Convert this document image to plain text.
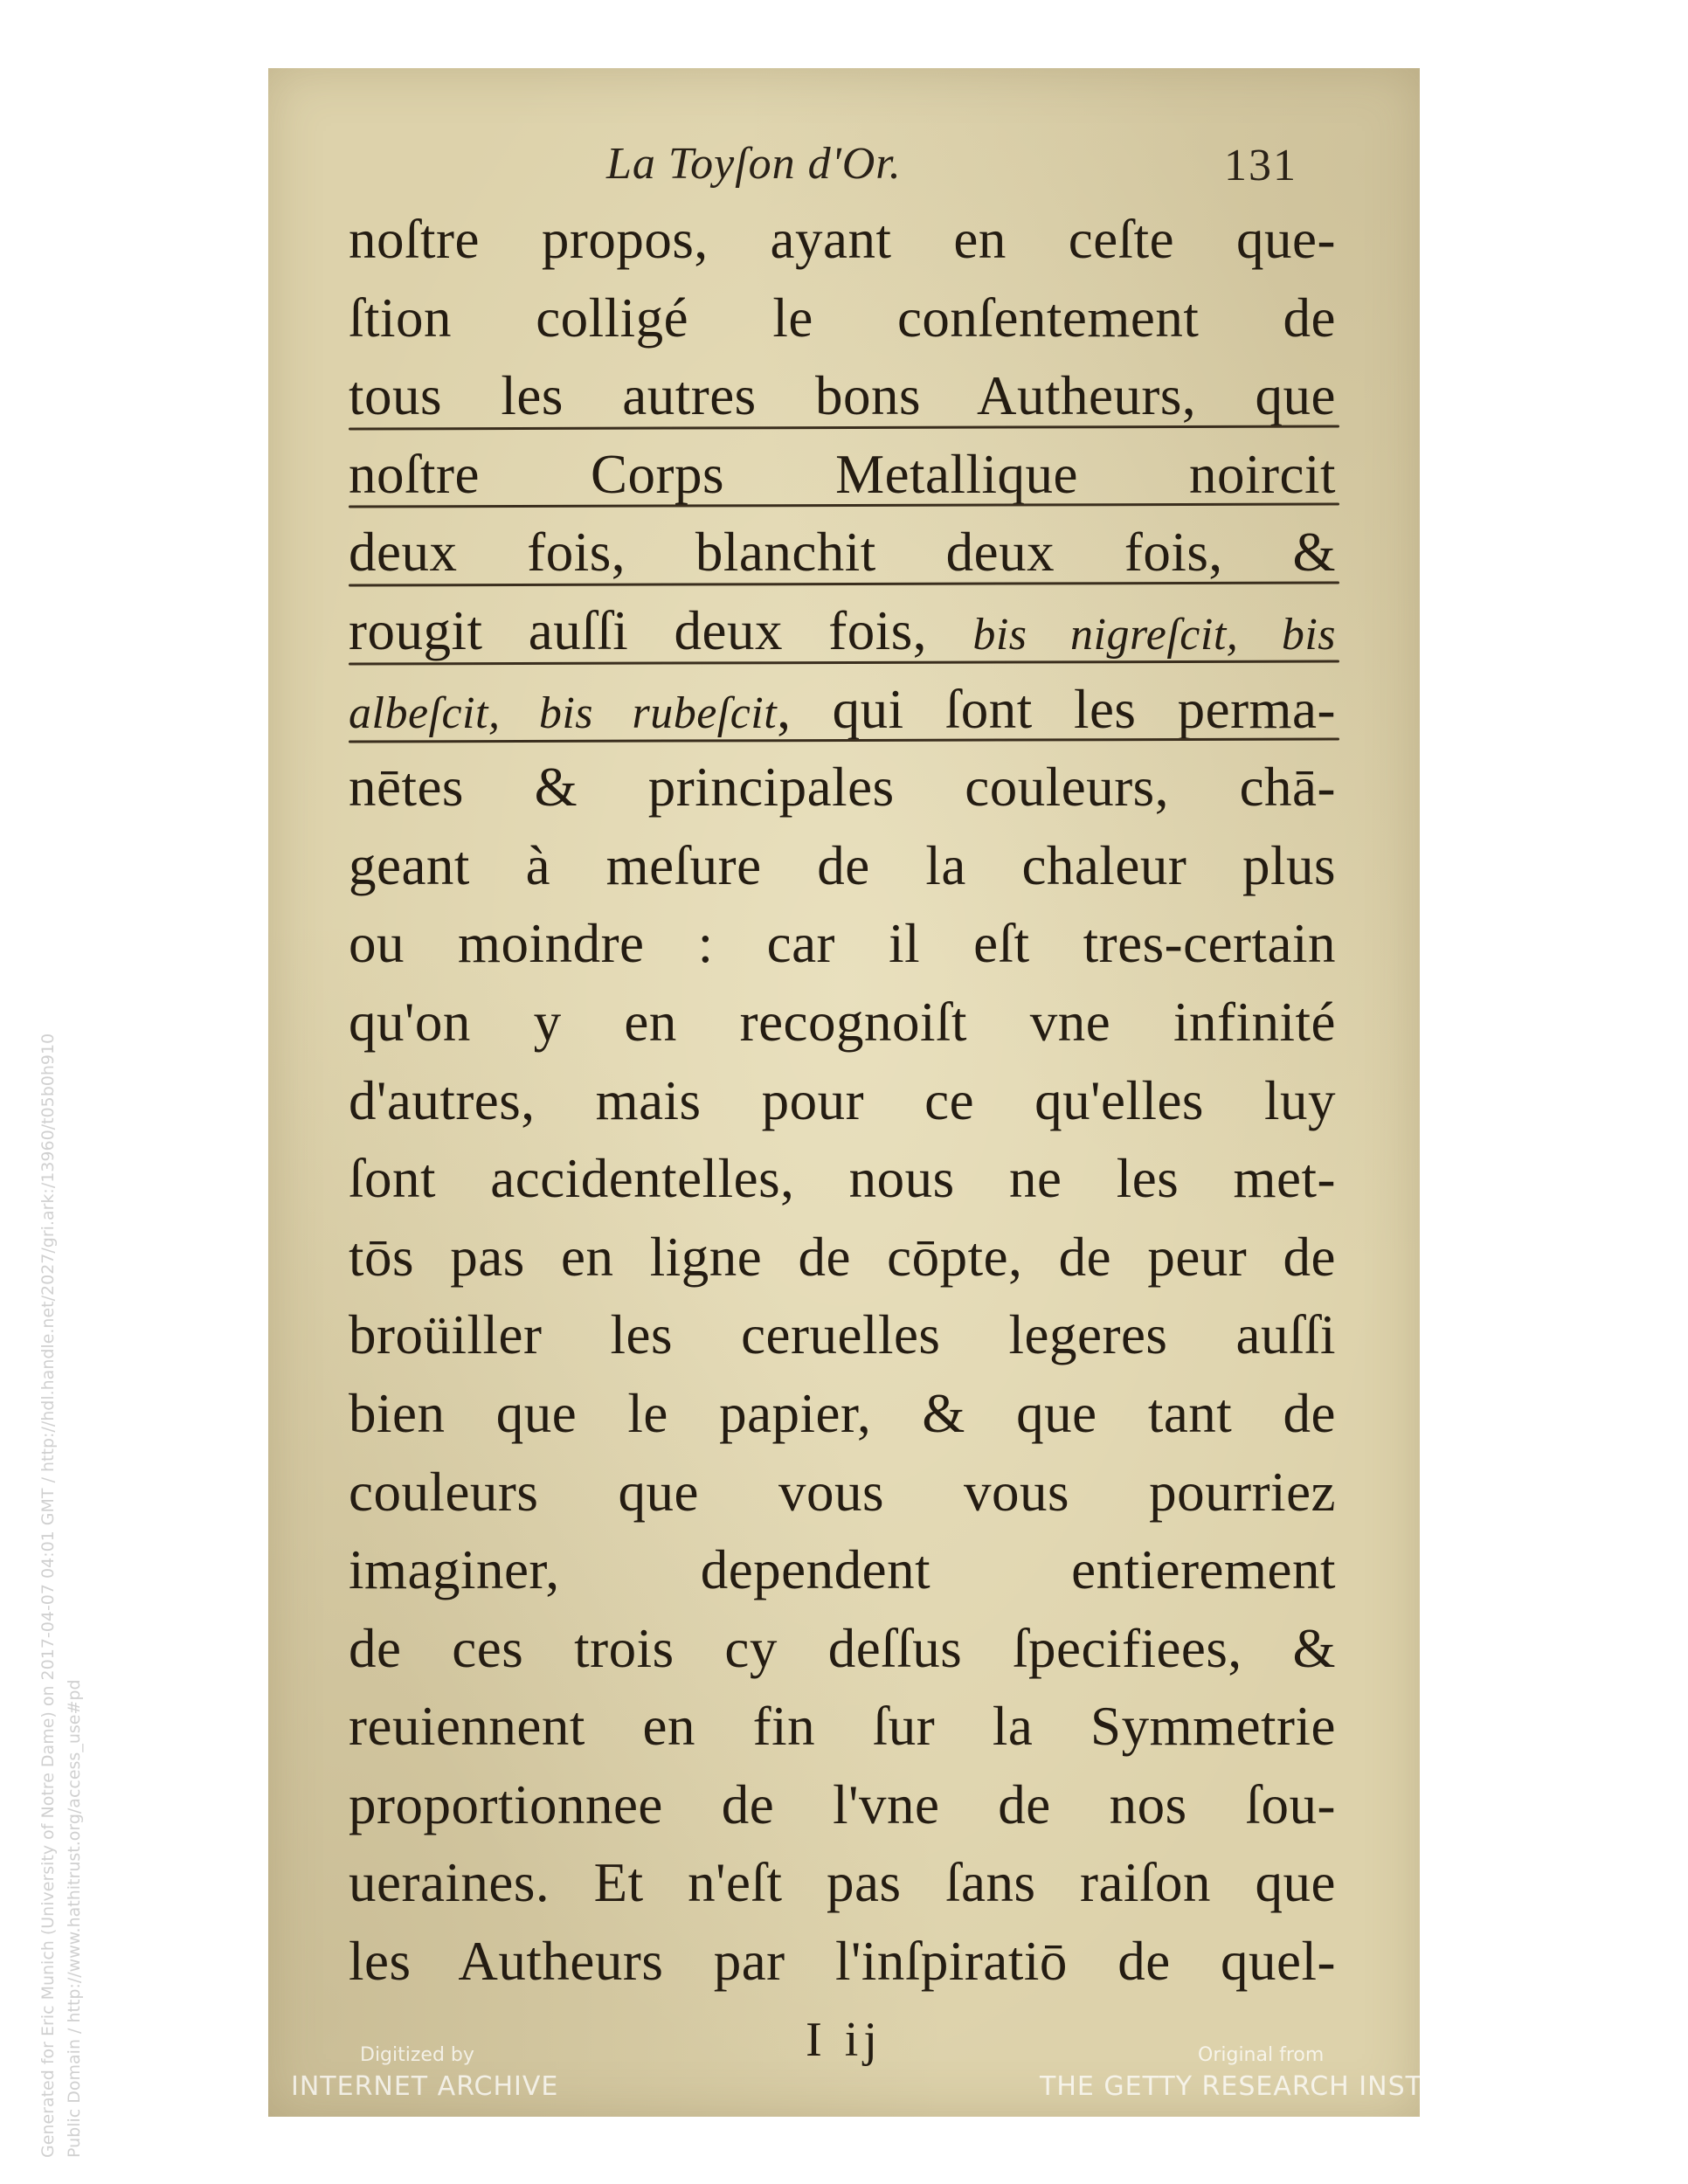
La Toyſon d'Or.	131
noſtre propos, ayant en ceſte que-
ſtion colligé le conſentement de
tous les autres bons Autheurs, que
noſtre Corps Metallique noircit
deux fois, blanchit deux fois, &
rougit auſſi deux fois, bis nigreſcit, bis
albeſcit, bis rubeſcit, qui ſont les perma-
nētes & principales couleurs, chā-
geant à meſure de la chaleur plus
ou moindre : car il eſt tres-certain
qu'on y en recognoiſt vne infinité
d'autres, mais pour ce qu'elles luy
ſont accidentelles, nous ne les met-
tōs pas en ligne de cōpte, de peur de
broüiller les ceruelles legeres auſſi
bien que le papier, & que tant de
couleurs que vous vous pourriez
imaginer, dependent entierement
de ces trois cy deſſus ſpecifiees, &
reuiennent en fin ſur la Symmetrie
proportionnee de l'vne de nos ſou-
ueraines. Et n'eſt pas ſans raiſon que
les Autheurs par l'inſpiratiō de quel-
I ij
Digitized by
INTERNET ARCHIVE
Original from
THE GETTY RESEARCH INSTITUTE
Generated for Eric Munich (University of Notre Dame) on 2017-04-07 04:01 GMT / http://hdl.handle.net/2027/gri.ark:/13960/t05b0h910 Public Domain / http://www.hathitrust.org/access_use#pd
